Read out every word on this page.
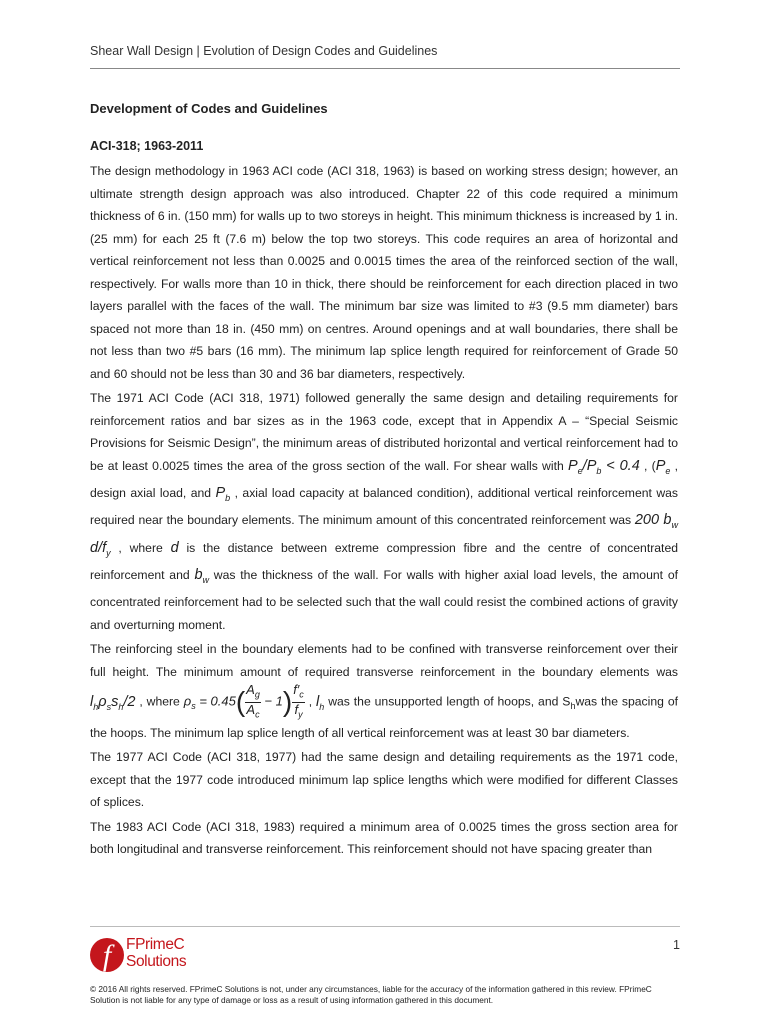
Shear Wall Design | Evolution of Design Codes and Guidelines
Development of Codes and Guidelines
ACI-318; 1963-2011

The design methodology in 1963 ACI code (ACI 318, 1963) is based on working stress design; however, an ultimate strength design approach was also introduced. Chapter 22 of this code required a minimum thickness of 6 in. (150 mm) for walls up to two storeys in height. This minimum thickness is increased by 1 in. (25 mm) for each 25 ft (7.6 m) below the top two storeys. This code requires an area of horizontal and vertical reinforcement not less than 0.0025 and 0.0015 times the area of the reinforced section of the wall, respectively. For walls more than 10 in thick, there should be reinforcement for each direction placed in two layers parallel with the faces of the wall. The minimum bar size was limited to #3 (9.5 mm diameter) bars spaced not more than 18 in. (450 mm) on centres. Around openings and at wall boundaries, there shall be not less than two #5 bars (16 mm). The minimum lap splice length required for reinforcement of Grade 50 and 60 should not be less than 30 and 36 bar diameters, respectively.

The 1971 ACI Code (ACI 318, 1971) followed generally the same design and detailing requirements for reinforcement ratios and bar sizes as in the 1963 code, except that in Appendix A – “Special Seismic Provisions for Seismic Design”, the minimum areas of distributed horizontal and vertical reinforcement had to be at least 0.0025 times the area of the gross section of the wall. For shear walls with $P_e/P_b < 0.4$ , ($P_e$ , design axial load, and $P_b$ , axial load capacity at balanced condition), additional vertical reinforcement was required near the boundary elements. The minimum amount of this concentrated reinforcement was 200 $b_w$ $d/f_y$ , where d is the distance between extreme compression fibre and the centre of concentrated reinforcement and $b_w$ was the thickness of the wall. For walls with higher axial load levels, the amount of concentrated reinforcement had to be selected such that the wall could resist the combined actions of gravity and overturning moment.

The reinforcing steel in the boundary elements had to be confined with transverse reinforcement over their full height. The minimum amount of required transverse reinforcement in the boundary elements was $l_h\rho_ss_h/2$ , where $\rho_s = 0.45( \frac{A_g}{A_c} - 1) \frac{f'_c}{f_y}$ , $l_h$ was the unsupported length of hoops, and $S_hwas$ the spacing of the hoops. The minimum lap splice length of all vertical reinforcement was at least 30 bar diameters.

The 1977 ACI Code (ACI 318, 1977) had the same design and detailing requirements as the 1971 code, except that the 1977 code introduced minimum lap splice lengths which were modified for different Classes of splices.

The 1983 ACI Code (ACI 318, 1983) required a minimum area of 0.0025 times the gross section area for both longitudinal and transverse reinforcement. This reinforcement should not have spacing greater than

f FPrimeC
Solutions
1
© 2016 All rights reserved. FPrimeC Solutions is not, under any circumstances, liable for the accuracy of the information gathered in this review. FPrimeC Solution is not liable for any type of damage or loss as a result of using information gathered in this document.
